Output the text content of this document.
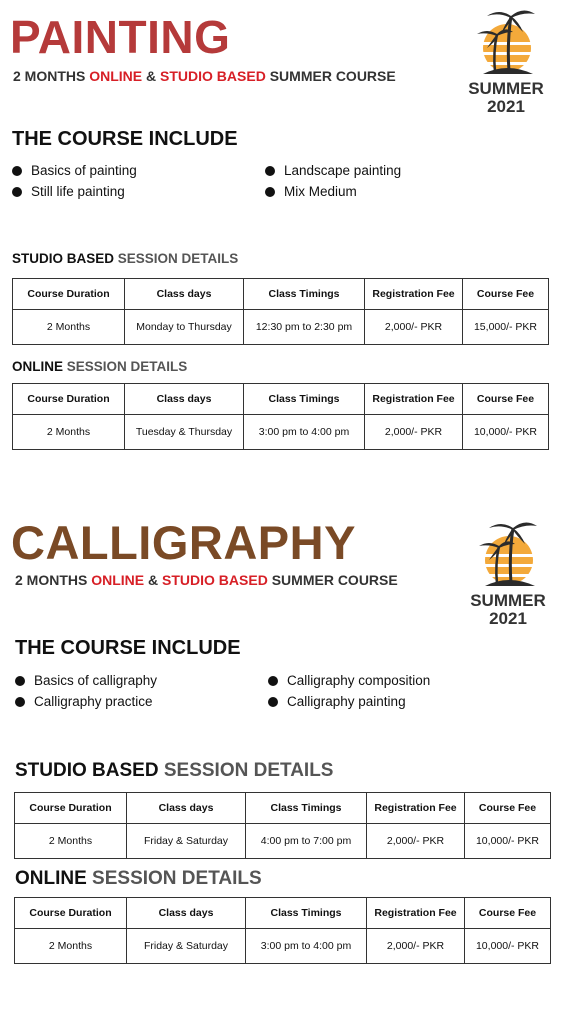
PAINTING
2 MONTHS ONLINE & STUDIO BASED SUMMER COURSE
SUMMER
2021
THE COURSE INCLUDE
Basics of painting	Landscape painting
Still life painting	Mix Medium
STUDIO BASED SESSION DETAILS
Course Duration	Class days	Class Timings	Registration Fee	Course Fee
2 Months	Monday to Thursday	12:30 pm to 2:30 pm	2,000/- PKR	15,000/- PKR
ONLINE SESSION DETAILS
Course Duration	Class days	Class Timings	Registration Fee	Course Fee
2 Months	Tuesday & Thursday	3:00 pm to 4:00 pm	2,000/- PKR	10,000/- PKR
CALLIGRAPHY
2 MONTHS ONLINE & STUDIO BASED SUMMER COURSE
SUMMER
2021
THE COURSE INCLUDE
Basics of calligraphy	Calligraphy composition
Calligraphy practice	Calligraphy painting
STUDIO BASED SESSION DETAILS
Course Duration	Class days	Class Timings	Registration Fee	Course Fee
2 Months	Friday & Saturday	4:00 pm to 7:00 pm	2,000/- PKR	10,000/- PKR
ONLINE SESSION DETAILS
Course Duration	Class days	Class Timings	Registration Fee	Course Fee
2 Months	Friday & Saturday	3:00 pm to 4:00 pm	2,000/- PKR	10,000/- PKR
